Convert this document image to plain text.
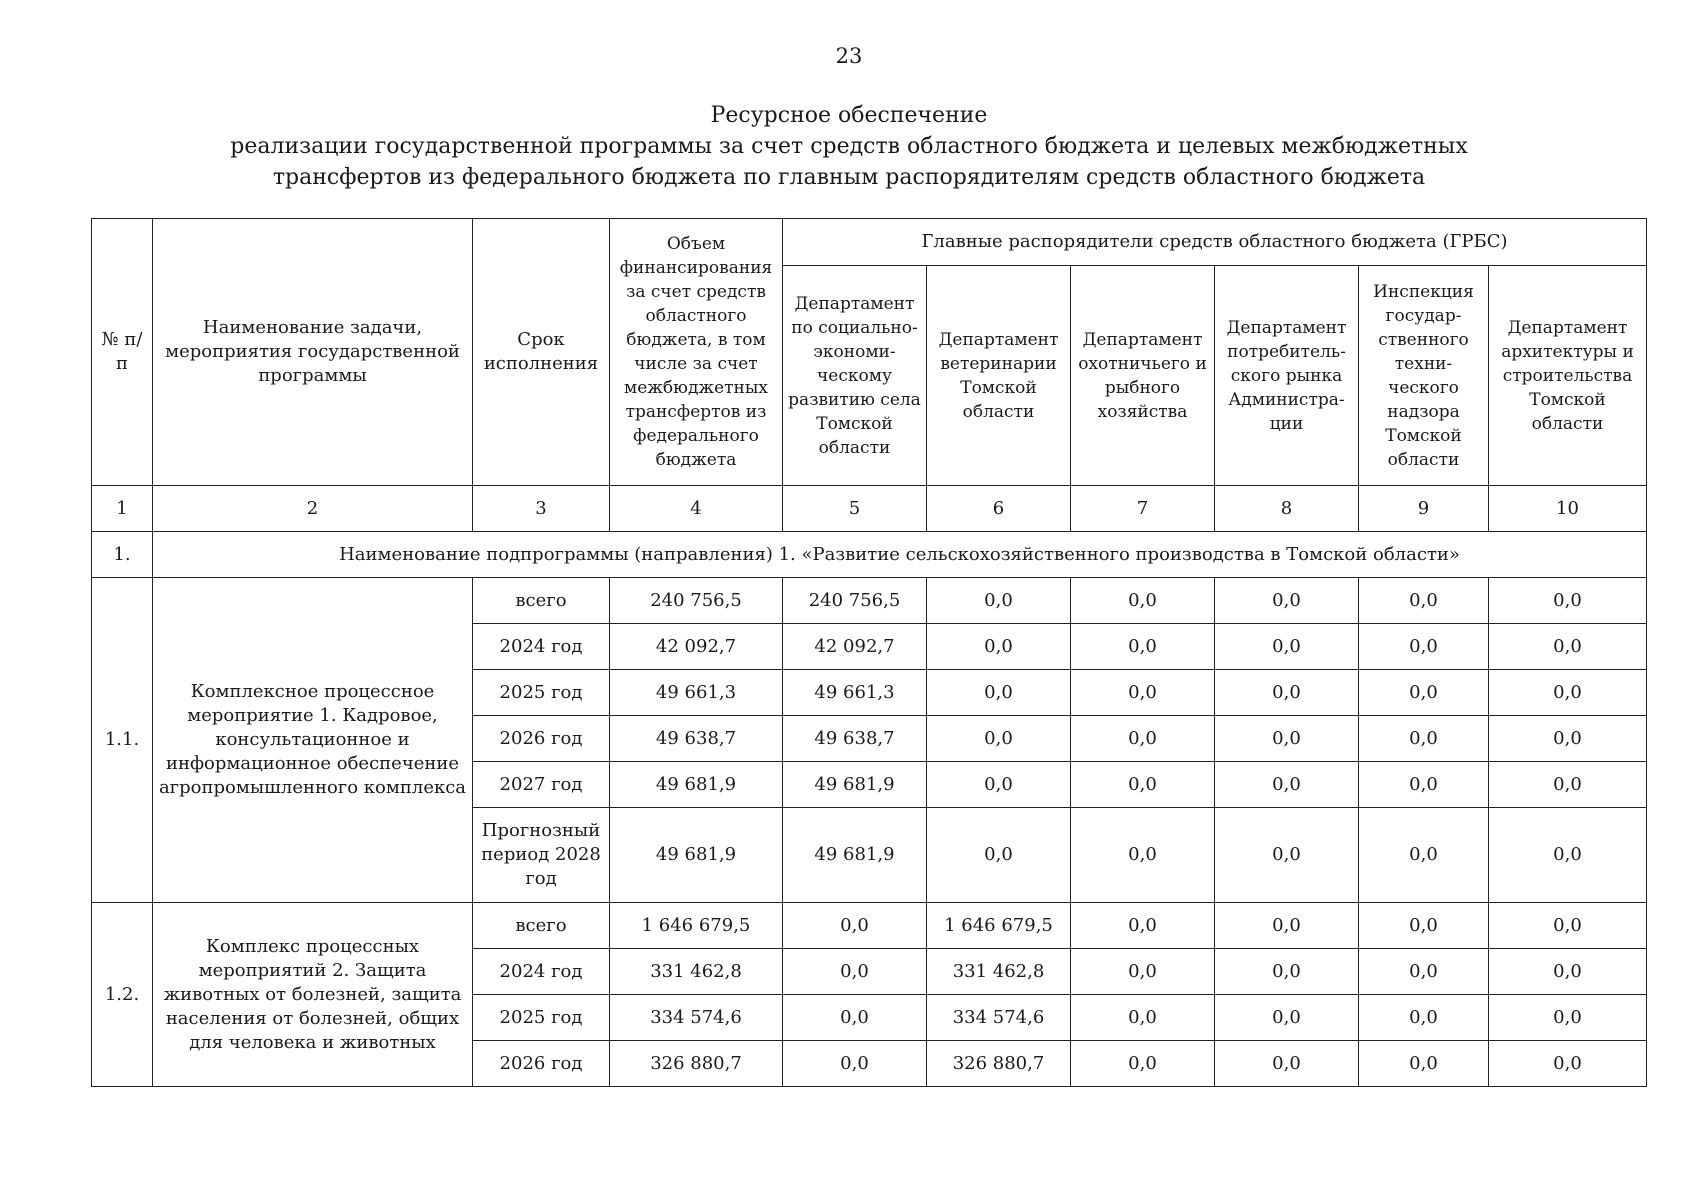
23
Ресурсное обеспечение
реализации государственной программы за счет средств областного бюджета и целевых межбюджетных
трансфертов из федерального бюджета по главным распорядителям средств областного бюджета
№ п/п	Наименование задачи, мероприятия государственной программы	Срок исполнения	Объем финансирования за счет средств областного бюджета, в том числе за счет межбюджетных трансфертов из федерального бюджета	Главные распорядители средств областного бюджета (ГРБС)					
				Департамент по социально-экономи-ческому развитию села Томской области	Департамент ветеринарии Томской области	Департамент охотничьего и рыбного хозяйства	Департамент потребитель-ского рынка Администра-ции	Инспекция государ-ственного техни-ческого надзора Томской области	Департамент архитектуры и строительства Томской области
1	2	3	4	5	6	7	8	9	10
1.	Наименование подпрограммы (направления) 1. «Развитие сельскохозяйственного производства в Томской области»								
1.1.	Комплексное процессное мероприятие 1. Кадровое, консультационное и информационное обеспечение агропромышленного комплекса	всего	240 756,5	240 756,5	0,0	0,0	0,0	0,0	0,0
		2024 год	42 092,7	42 092,7	0,0	0,0	0,0	0,0	0,0
		2025 год	49 661,3	49 661,3	0,0	0,0	0,0	0,0	0,0
		2026 год	49 638,7	49 638,7	0,0	0,0	0,0	0,0	0,0
		2027 год	49 681,9	49 681,9	0,0	0,0	0,0	0,0	0,0
		Прогнозный период 2028 год	49 681,9	49 681,9	0,0	0,0	0,0	0,0	0,0
1.2.	Комплекс процессных мероприятий 2. Защита животных от болезней, защита населения от болезней, общих для человека и животных	всего	1 646 679,5	0,0	1 646 679,5	0,0	0,0	0,0	0,0
		2024 год	331 462,8	0,0	331 462,8	0,0	0,0	0,0	0,0
		2025 год	334 574,6	0,0	334 574,6	0,0	0,0	0,0	0,0
		2026 год	326 880,7	0,0	326 880,7	0,0	0,0	0,0	0,0
